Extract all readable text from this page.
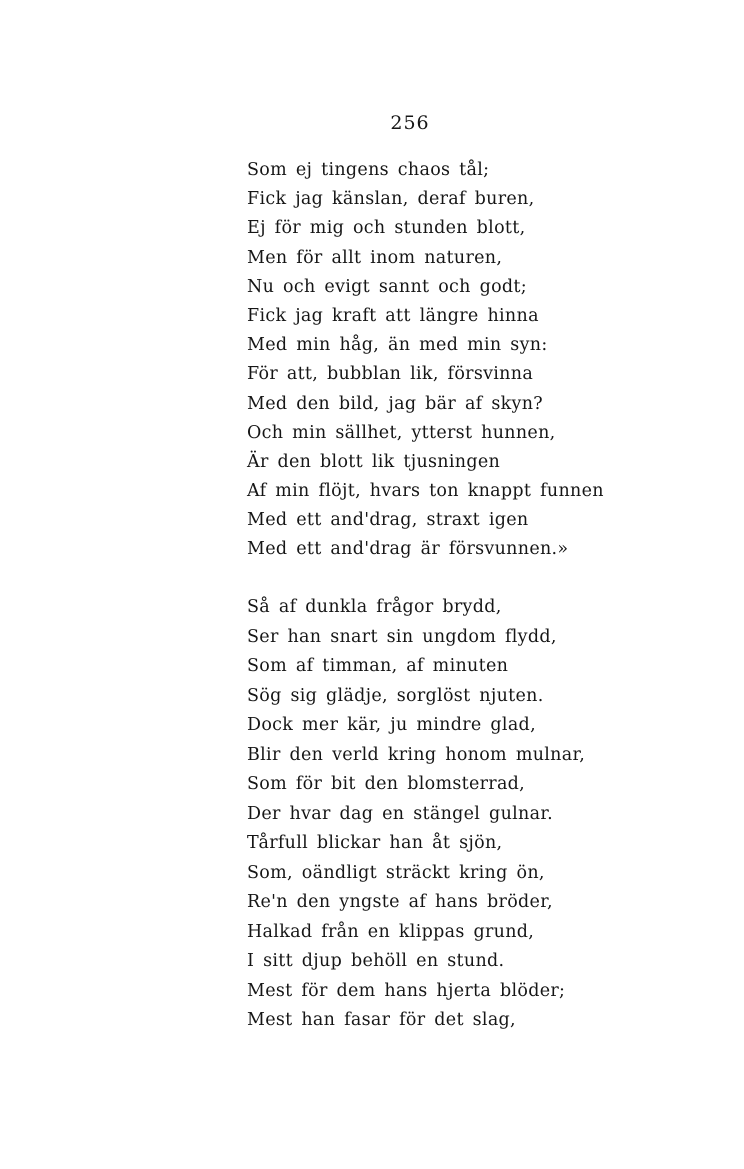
256
Som ej tingens chaos tål;
Fick jag känslan, deraf buren,
Ej för mig och stunden blott,
Men för allt inom naturen,
Nu och evigt sannt och godt;
Fick jag kraft att längre hinna
Med min håg, än med min syn:
För att, bubblan lik, försvinna
Med den bild, jag bär af skyn?
Och min sällhet, ytterst hunnen,
Är den blott lik tjusningen
Af min flöjt, hvars ton knappt funnen
Med ett and'drag, straxt igen
Med ett and'drag är försvunnen.»
Så af dunkla frågor brydd,
Ser han snart sin ungdom flydd,
Som af timman, af minuten
Sög sig glädje, sorglöst njuten.
Dock mer kär, ju mindre glad,
Blir den verld kring honom mulnar,
Som för bit den blomsterrad,
Der hvar dag en stängel gulnar.
Tårfull blickar han åt sjön,
Som, oändligt sträckt kring ön,
Re'n den yngste af hans bröder,
Halkad från en klippas grund,
I sitt djup behöll en stund.
Mest för dem hans hjerta blöder;
Mest han fasar för det slag,
